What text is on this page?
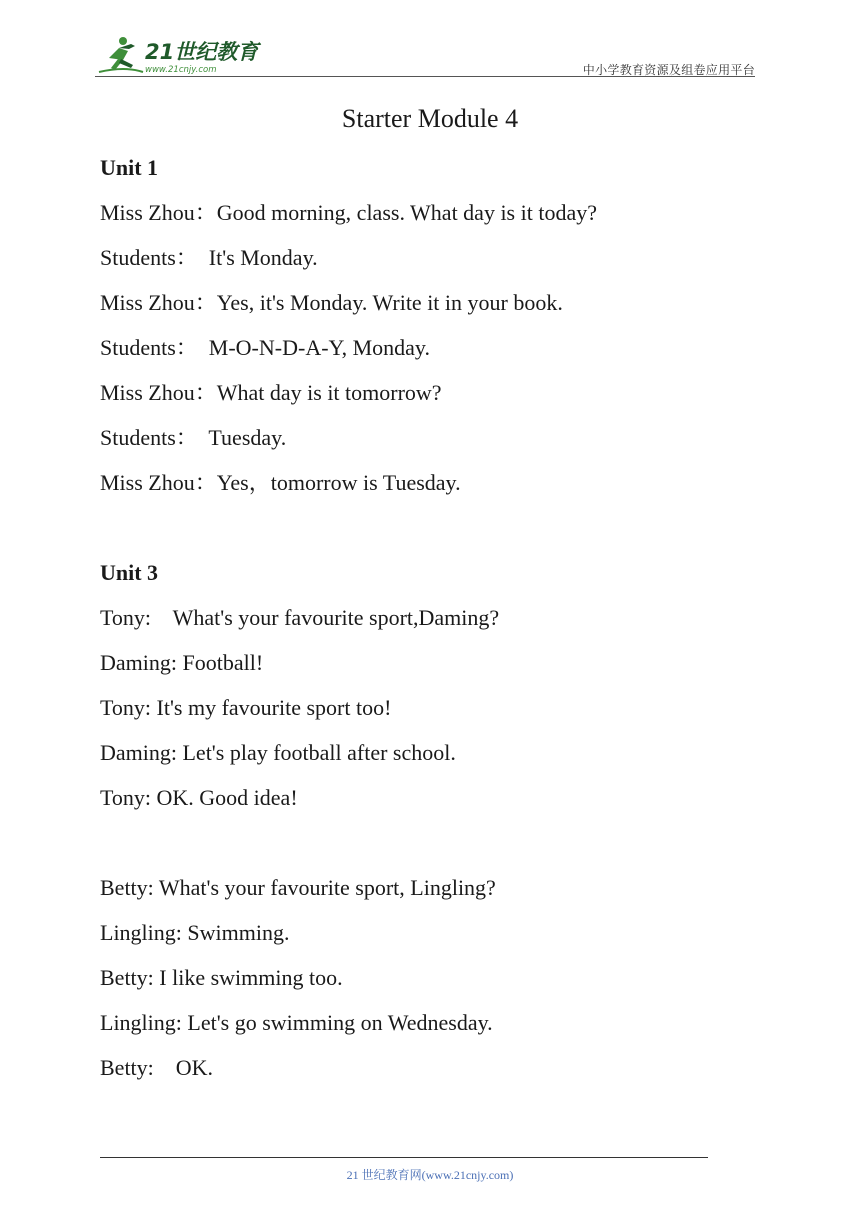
21世纪教育
www.21cnjy.com	中小学教育资源及组卷应用平台
Starter Module 4
Unit 1
Miss Zhou：Good morning, class. What day is it today?
Students：  It's Monday.
Miss Zhou：Yes, it's Monday. Write it in your book.
Students：  M-O-N-D-A-Y, Monday.
Miss Zhou：What day is it tomorrow?
Students：  Tuesday.
Miss Zhou：Yes，tomorrow is Tuesday.
Unit 3
Tony:    What's your favourite sport,Daming?
Daming: Football!
Tony: It's my favourite sport too!
Daming: Let's play football after school.
Tony: OK. Good idea!
Betty: What's your favourite sport, Lingling?
Lingling: Swimming.
Betty: I like swimming too.
Lingling: Let's go swimming on Wednesday.
Betty:    OK.
21 世纪教育网(www.21cnjy.com)
